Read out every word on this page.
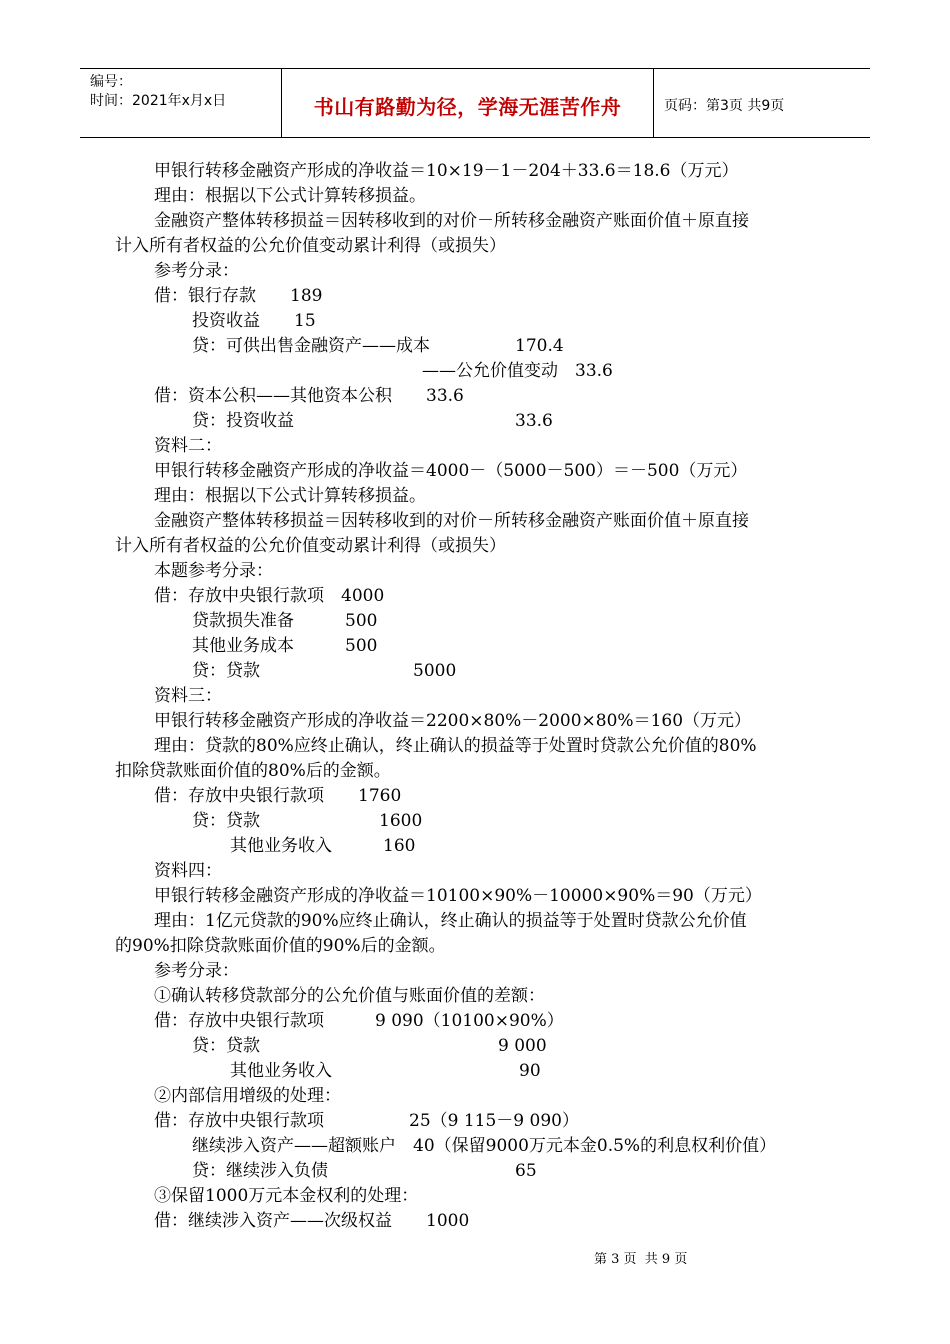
编号：
时间：2021年x月x日	书山有路勤为径，学海无涯苦作舟	页码：第3页 共9页
甲银行转移金融资产形成的净收益＝10×19－1－204＋33.6＝18.6（万元）
理由：根据以下公式计算转移损益。
金融资产整体转移损益＝因转移收到的对价－所转移金融资产账面价值＋原直接
计入所有者权益的公允价值变动累计利得（或损失）
参考分录：
借：银行存款　　189
投资收益　　15
贷：可供出售金融资产——成本　　　　　170.4
——公允价值变动　33.6
借：资本公积——其他资本公积　　33.6
贷：投资收益　　　　　　　　　　　　　33.6
资料二：
甲银行转移金融资产形成的净收益＝4000－（5000－500）＝－500（万元）
理由：根据以下公式计算转移损益。
金融资产整体转移损益＝因转移收到的对价－所转移金融资产账面价值＋原直接
计入所有者权益的公允价值变动累计利得（或损失）
本题参考分录：
借：存放中央银行款项　4000
贷款损失准备　　　500
其他业务成本　　　500
贷：贷款　　　　　　　　　5000
资料三：
甲银行转移金融资产形成的净收益＝2200×80%－2000×80%＝160（万元）
理由：贷款的80%应终止确认，终止确认的损益等于处置时贷款公允价值的80%
扣除贷款账面价值的80%后的金额。
借：存放中央银行款项　　1760
贷：贷款　　　　　　　1600
其他业务收入　　　160
资料四：
甲银行转移金融资产形成的净收益＝10100×90%－10000×90%＝90（万元）
理由：1亿元贷款的90%应终止确认，终止确认的损益等于处置时贷款公允价值
的90%扣除贷款账面价值的90%后的金额。
参考分录：
①确认转移贷款部分的公允价值与账面价值的差额：
借：存放中央银行款项　　　9 090（10100×90%）
贷：贷款　　　　　　　　　　　　　　9 000
其他业务收入　　　　　　　　　　　90
②内部信用增级的处理：
借：存放中央银行款项　　　　　25（9 115－9 090）
继续涉入资产——超额账户　40（保留9000万元本金0.5%的利息权利价值）
贷：继续涉入负债　　　　　　　　　　　65
③保留1000万元本金权利的处理：
借：继续涉入资产——次级权益　　1000
第 3 页  共 9 页
